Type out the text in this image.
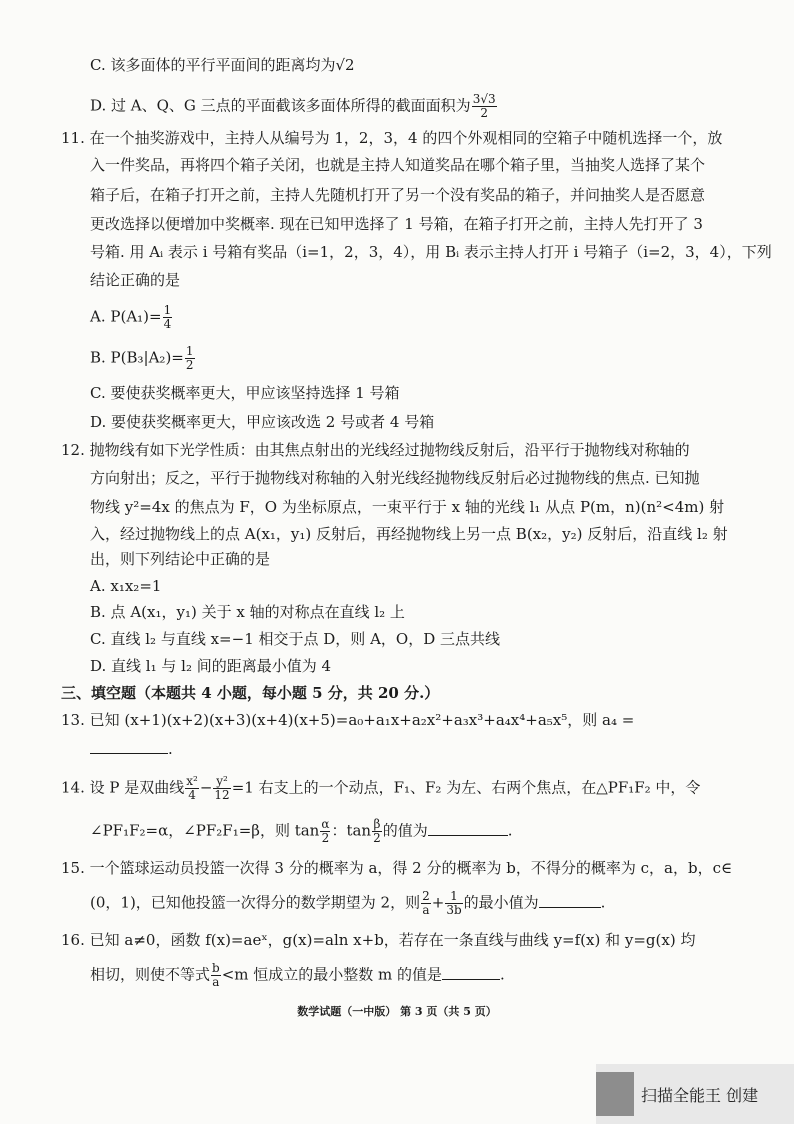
C. 该多面体的平行平面间的距离均为√2
D. 过 A、Q、G 三点的平面截该多面体所得的截面面积为 $\frac{3√3}{2}$
11. 在一个抽奖游戏中，主持人从编号为 1，2，3，4 的四个外观相同的空箱子中随机选择一个，放
入一件奖品，再将四个箱子关闭，也就是主持人知道奖品在哪个箱子里，当抽奖人选择了某个
箱子后，在箱子打开之前，主持人先随机打开了另一个没有奖品的箱子，并问抽奖人是否愿意
更改选择以便增加中奖概率. 现在已知甲选择了 1 号箱，在箱子打开之前，主持人先打开了 3
号箱. 用 Aᵢ 表示 i 号箱有奖品（i=1，2，3，4），用 Bᵢ 表示主持人打开 i 号箱子（i=2，3，4），下列
结论正确的是
A. $P(A_1)= \frac{1}{4}$
B. $P(B_3|A_2)= \frac{1}{2}$
C. 要使获奖概率更大，甲应该坚持选择 1 号箱
D. 要使获奖概率更大，甲应该改选 2 号或者 4 号箱
12. 抛物线有如下光学性质：由其焦点射出的光线经过抛物线反射后，沿平行于抛物线对称轴的
方向射出；反之，平行于抛物线对称轴的入射光线经抛物线反射后必过抛物线的焦点. 已知抛
物线 y²=4x 的焦点为 F，O 为坐标原点，一束平行于 x 轴的光线 l₁ 从点 P(m，n)(n²<4m) 射
入，经过抛物线上的点 A(x₁，y₁) 反射后，再经抛物线上另一点 B(x₂，y₂) 反射后，沿直线 l₂ 射
出，则下列结论中正确的是
A. x₁x₂=1
B. 点 A(x₁，y₁) 关于 x 轴的对称点在直线 l₂ 上
C. 直线 l₂ 与直线 x=−1 相交于点 D，则 A，O，D 三点共线
D. 直线 l₁ 与 l₂ 间的距离最小值为 4
三、填空题（本题共 4 小题，每小题 5 分，共 20 分.）
13. 已知 (x+1)(x+2)(x+3)(x+4)(x+5)=a₀+a₁x+a₂x²+a₃x³+a₄x⁴+a₅x⁵，则 a₄ =
.
14. 设 P 是双曲线 $\frac{\text{x²}}{4} - \frac{\text{y²}}{12} =1$ 右支上的一个动点，F₁、F₂ 为左、右两个焦点，在△PF₁F₂ 中，令
∠PF₁F₂=α，∠PF₂F₁=β，则 $\tan \frac{\alpha}{2}$ ：$\tan \frac{\beta}{2}$ 的值为	.
15. 一个篮球运动员投篮一次得 3 分的概率为 a，得 2 分的概率为 b，不得分的概率为 c，a，b，c∈
(0，1)，已知他投篮一次得分的数学期望为 2，则 $\frac{2}{a} + \frac{1}{3b}$ 的最小值为	.
16. 已知 a≠0，函数 f(x)=aeˣ，g(x)=aln x+b，若存在一条直线与曲线 y=f(x) 和 y=g(x) 均
相切，则使不等式 $\frac{b}{a} <m$ 恒成立的最小整数 m 的值是	.
数学试题（一中版） 第 3 页（共 5 页）
扫描全能王 创建
